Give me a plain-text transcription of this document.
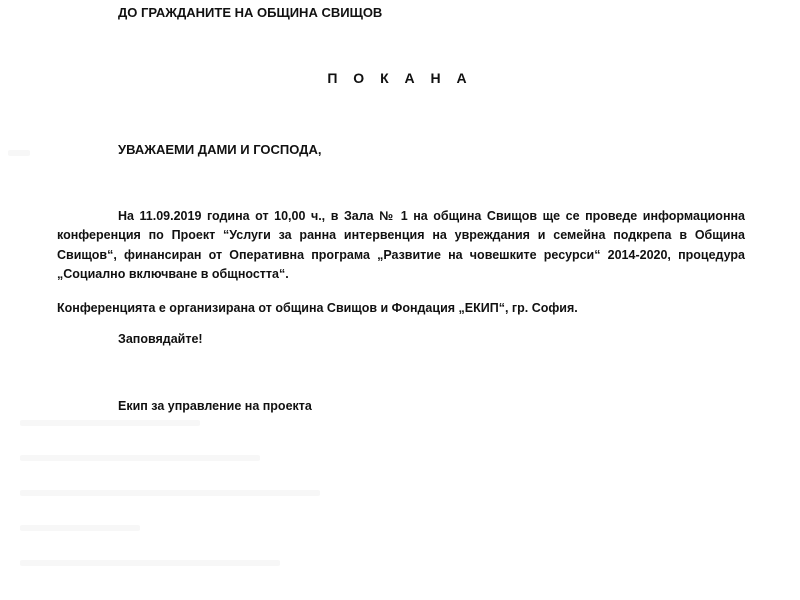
ДО ГРАЖДАНИТЕ НА ОБЩИНА СВИЩОВ

П О К А Н А

УВАЖАЕМИ ДАМИ И ГОСПОДА,

На 11.09.2019 година от 10,00 ч., в Зала № 1 на община Свищов ще се проведе информационна конференция по Проект “Услуги за ранна интервенция на увреждания и семейна подкрепа в Община Свищов“, финансиран от Оперативна програма „Развитие на човешките ресурси“ 2014-2020, процедура „Социално включване в общността“.

Конференцията е организирана от община Свищов и Фондация „ЕКИП“, гр. София.

Заповядайте!

Екип за управление на проекта
